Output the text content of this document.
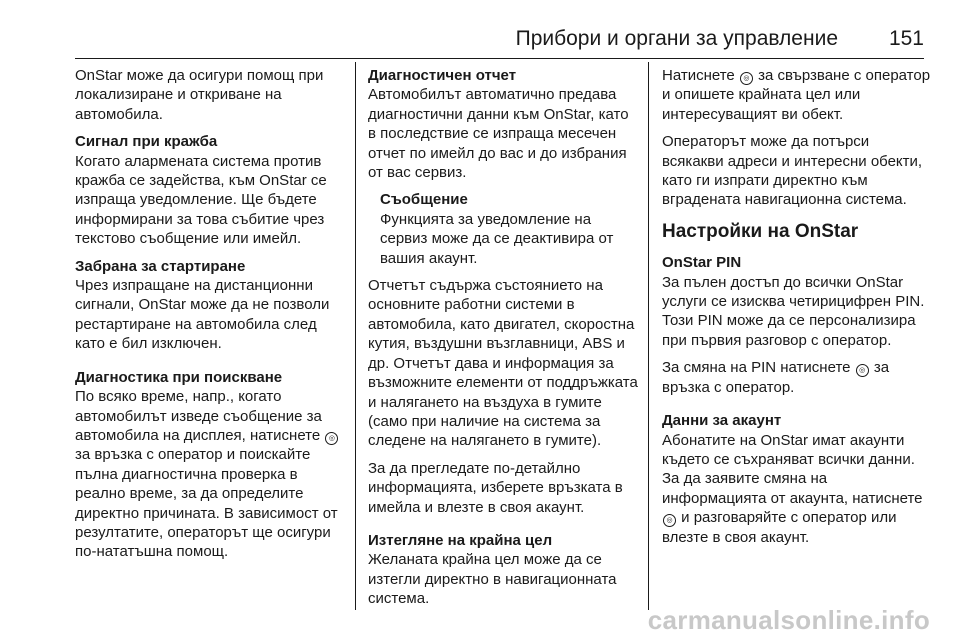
Прибори и органи за управление 151

OnStar може да осигури помощ при локализиране и откриване на автомобила.

Сигнал при кражба
Когато алармената система против кражба се задейства, към OnStar се изпраща уведомление. Ще бъдете информирани за това събитие чрез текстово съобщение или имейл.

Забрана за стартиране
Чрез изпращане на дистанционни сигнали, OnStar може да не позволи рестартиране на автомобила след като е бил изключен.

Диагностика при поискване
По всяко време, напр., когато автомобилът изведе съобщение за автомобила на дисплея, натиснете ◎ за връзка с оператор и поискайте пълна диагностична проверка в реално време, за да определите директно причината. В зависимост от резултатите, операторът ще осигури по-нататъшна помощ.

Диагностичен отчет
Автомобилът автоматично предава диагностични данни към OnStar, като в последствие се изпраща месечен отчет по имейл до вас и до избрания от вас сервиз.

Съобщение
Функцията за уведомление на сервиз може да се деактивира от вашия акаунт.

Отчетът съдържа състоянието на основните работни системи в автомобила, като двигател, скоростна кутия, въздушни възглавници, ABS и др. Отчетът дава и информация за възможните елементи от поддръжката и налягането на въздуха в гумите (само при наличие на система за следене на налягането в гумите).

За да прегледате по-детайлно информацията, изберете връзката в имейла и влезте в своя акаунт.

Изтегляне на крайна цел
Желаната крайна цел може да се изтегли директно в навигационната система.

Натиснете ◎ за свързване с оператор и опишете крайната цел или интересуващият ви обект.

Операторът може да потърси всякакви адреси и интересни обекти, като ги изпрати директно към вградената навигационна система.

Настройки на OnStar

OnStar PIN
За пълен достъп до всички OnStar услуги се изисква четирицифрен PIN. Този PIN може да се персонализира при първия разговор с оператор.

За смяна на PIN натиснете ◎ за връзка с оператор.

Данни за акаунт
Абонатите на OnStar имат акаунти където се съхраняват всички данни. За да заявите смяна на информацията от акаунта, натиснете ◎ и разговаряйте с оператор или влезте в своя акаунт.

carmanualsonline.info
